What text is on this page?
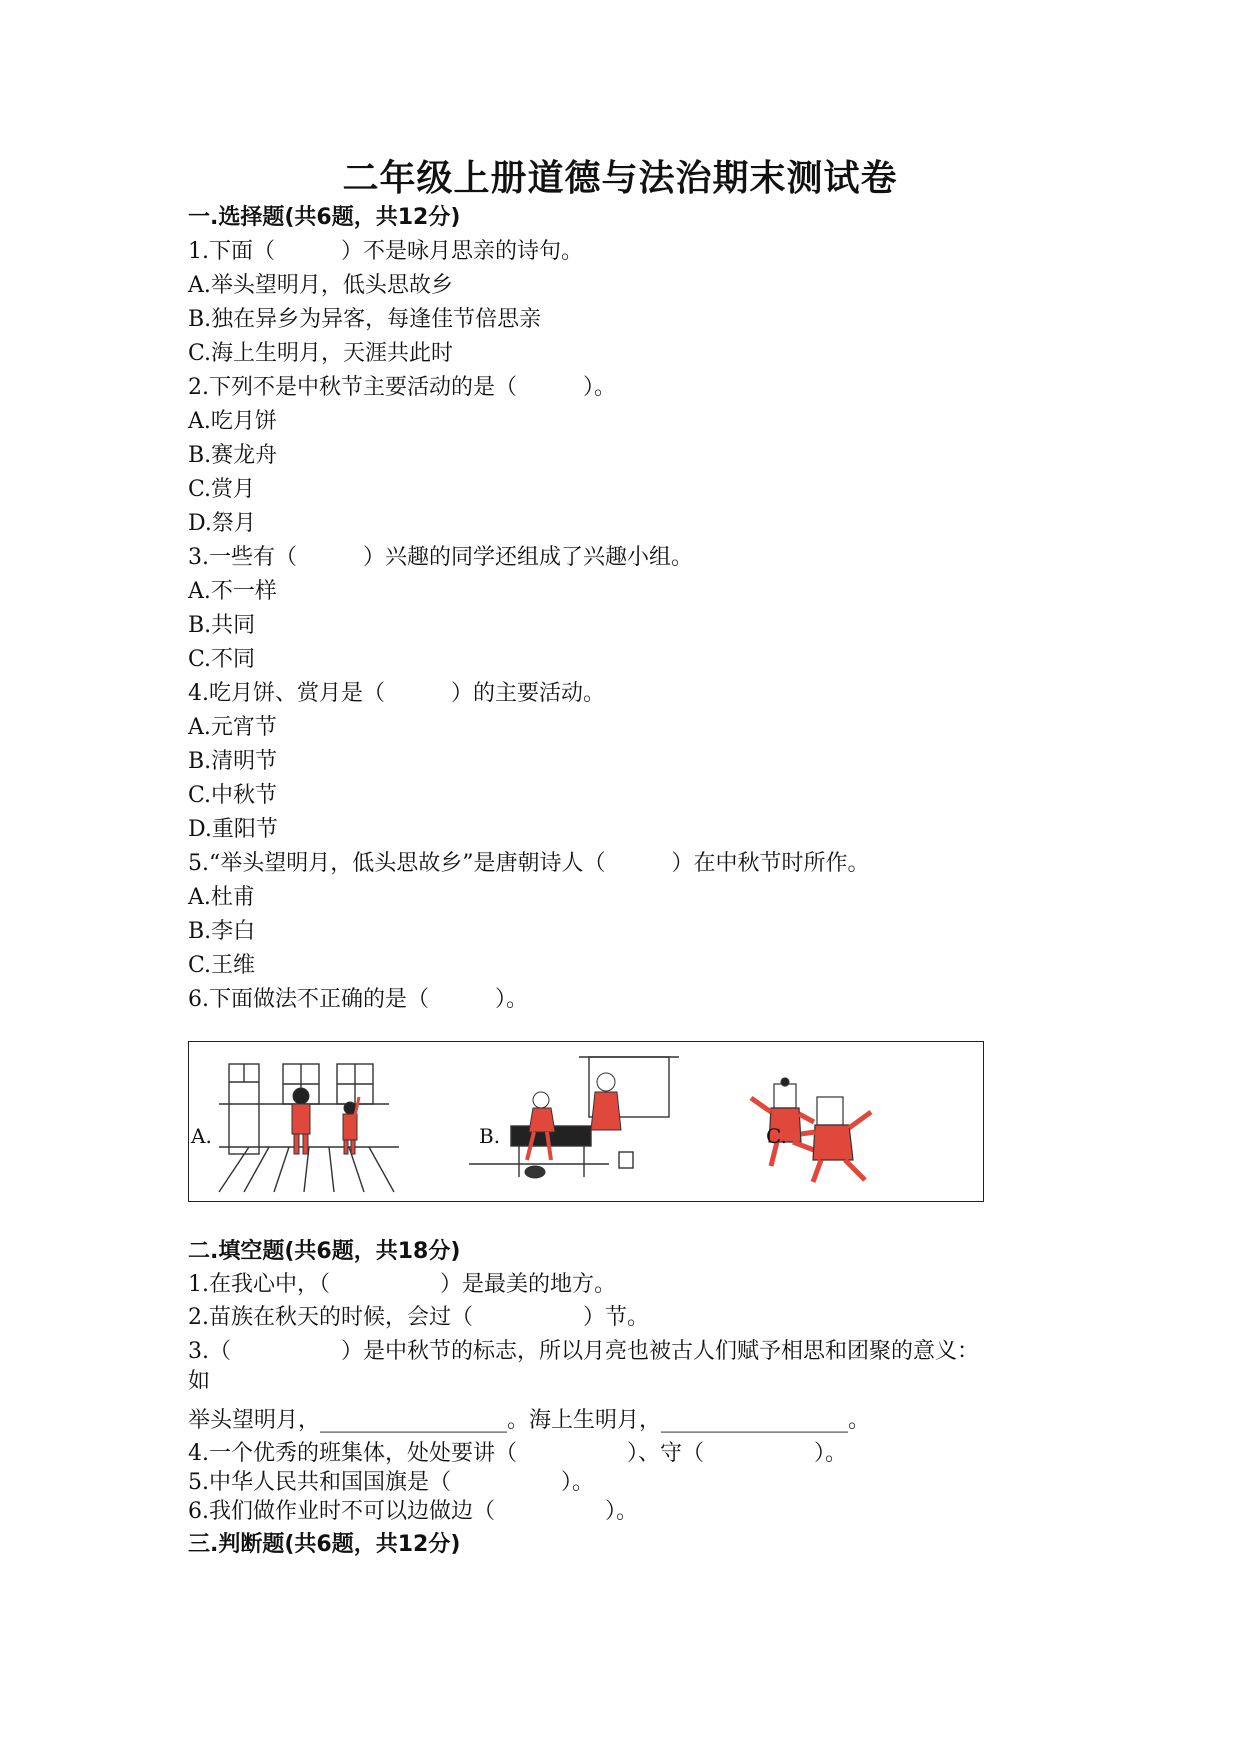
二年级上册道德与法治期末测试卷
一.选择题(共6题，共12分)
1.下面（　　　）不是咏月思亲的诗句。
A.举头望明月，低头思故乡
B.独在异乡为异客，每逢佳节倍思亲
C.海上生明月，天涯共此时
2.下列不是中秋节主要活动的是（　　　）。
A.吃月饼
B.赛龙舟
C.赏月
D.祭月
3.一些有（　　　）兴趣的同学还组成了兴趣小组。
A.不一样
B.共同
C.不同
4.吃月饼、赏月是（　　　）的主要活动。
A.元宵节
B.清明节
C.中秋节
D.重阳节
5.“举头望明月，低头思故乡”是唐朝诗人（　　　）在中秋节时所作。
A.杜甫
B.李白
C.王维
6.下面做法不正确的是（　　　）。
A.	B.	C.
二.填空题(共6题，共18分)
1.在我心中，（　　　　　）是最美的地方。
2.苗族在秋天的时候，会过（　　　　　）节。
3.（　　　　　）是中秋节的标志，所以月亮也被古人们赋予相思和团聚的意义：
如
举头望明月，_________________。海上生明月，_________________。
4.一个优秀的班集体，处处要讲（　　　　　）、守（　　　　　）。
5.中华人民共和国国旗是（　　　　　）。
6.我们做作业时不可以边做边（　　　　　）。
三.判断题(共6题，共12分)
